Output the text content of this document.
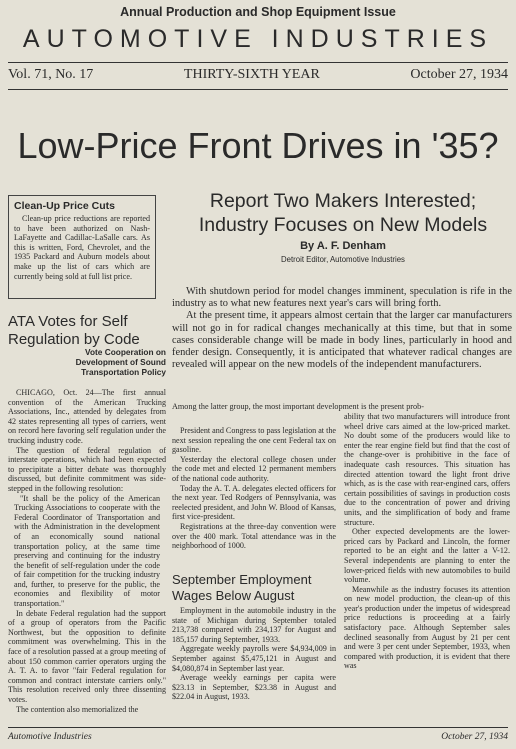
Annual Production and Shop Equipment Issue
AUTOMOTIVE INDUSTRIES
Vol. 71, No. 17	THIRTY-SIXTH YEAR	October 27, 1934
Low-Price Front Drives in '35?
Clean-Up Price Cuts

Clean-up price reductions are reported to have been authorized on Nash-LaFayette and Cadillac-LaSalle cars. As this is written, Ford, Chevrolet, and the 1935 Packard and Auburn models about make up the list of cars which are currently being sold at full list price.

ATA Votes for Self Regulation by Code
Vote Cooperation on Development of Sound Transportation Policy

CHICAGO, Oct. 24—The first annual convention of the American Trucking Associations, Inc., attended by delegates from 42 states representing all types of carriers, went on record here favoring self regulation under the trucking industry code.

The question of federal regulation of interstate operations, which had been expected to precipitate a bitter debate was thoroughly discussed, but definite commitment was side-stepped in the following resolution:

"It shall be the policy of the American Trucking Associations to cooperate with the Federal Coordinator of Transportation and with the Administration in the development of an economically sound national transportation policy, at the same time preserving and continuing for the industry the benefit of self-regulation under the code of fair competition for the trucking industry and, further, to preserve for the public, the economies and flexibility of motor transportation."

In debate Federal regulation had the support of a group of operators from the Pacific Northwest, but the opposition to definite commitment was overwhelming. This in the face of a resolution passed at a group meeting of about 150 common carrier operators urging the A. T. A. to favor "fair Federal regulation for common and contract interstate carriers only." This resolution received only three dissenting votes.

The contention also memorialized the

Report Two Makers Interested; Industry Focuses on New Models
By A. F. Denham
Detroit Editor, Automotive Industries

With shutdown period for model changes imminent, speculation is rife in the industry as to what new features next year's cars will bring forth.

At the present time, it appears almost certain that the larger car manufacturers will not go in for radical changes mechanically at this time, but that in some cases considerable change will be made in body lines, particularly in hood and fender design. Consequently, it is anticipated that whatever radical changes are revealed will appear on the new models of the independent manufacturers.

Among the latter group, the most important development is the present prob-

President and Congress to pass legislation at the next session repealing the one cent Federal tax on gasoline.

Yesterday the electoral college chosen under the code met and elected 12 permanent members of the national code authority.

Today the A. T. A. delegates elected officers for the next year. Ted Rodgers of Pennsylvania, was reelected president, and John W. Blood of Kansas, first vice-president.

Registrations at the three-day convention were over the 400 mark. Total attendance was in the neighborhood of 1000.

September Employment Wages Below August

Employment in the automobile industry in the state of Michigan during September totaled 213,738 compared with 234,137 for August and 185,157 during September, 1933.

Aggregate weekly payrolls were $4,934,009 in September against $5,475,121 in August and $4,080,874 in September last year.

Average weekly earnings per capita were $23.13 in September, $23.38 in August and $22.04 in August, 1933.

ability that two manufacturers will introduce front wheel drive cars aimed at the low-priced market. No doubt some of the producers would like to enter the rear engine field but find that the cost of the change-over is prohibitive in the face of inadequate cash resources. This situation has directed attention toward the light front drive which, as is the case with rear-engined cars, offers certain possibilities of savings in production costs due to the concentration of power and driving units, and the simplification of body and frame structure.

Other expected developments are the lower-priced cars by Packard and Lincoln, the former reported to be an eight and the latter a V-12. Several independents are planning to enter the lower-priced fields with new automobiles to build volume.

Meanwhile as the industry focuses its attention on new model production, the clean-up of this year's production under the impetus of widespread price reductions is proceeding at a fairly satisfactory pace. Although September sales declined seasonally from August by 21 per cent and were 3 per cent under September, 1933, when compared with production, it is evident that there was

Automotive Industries	October 27, 1934
